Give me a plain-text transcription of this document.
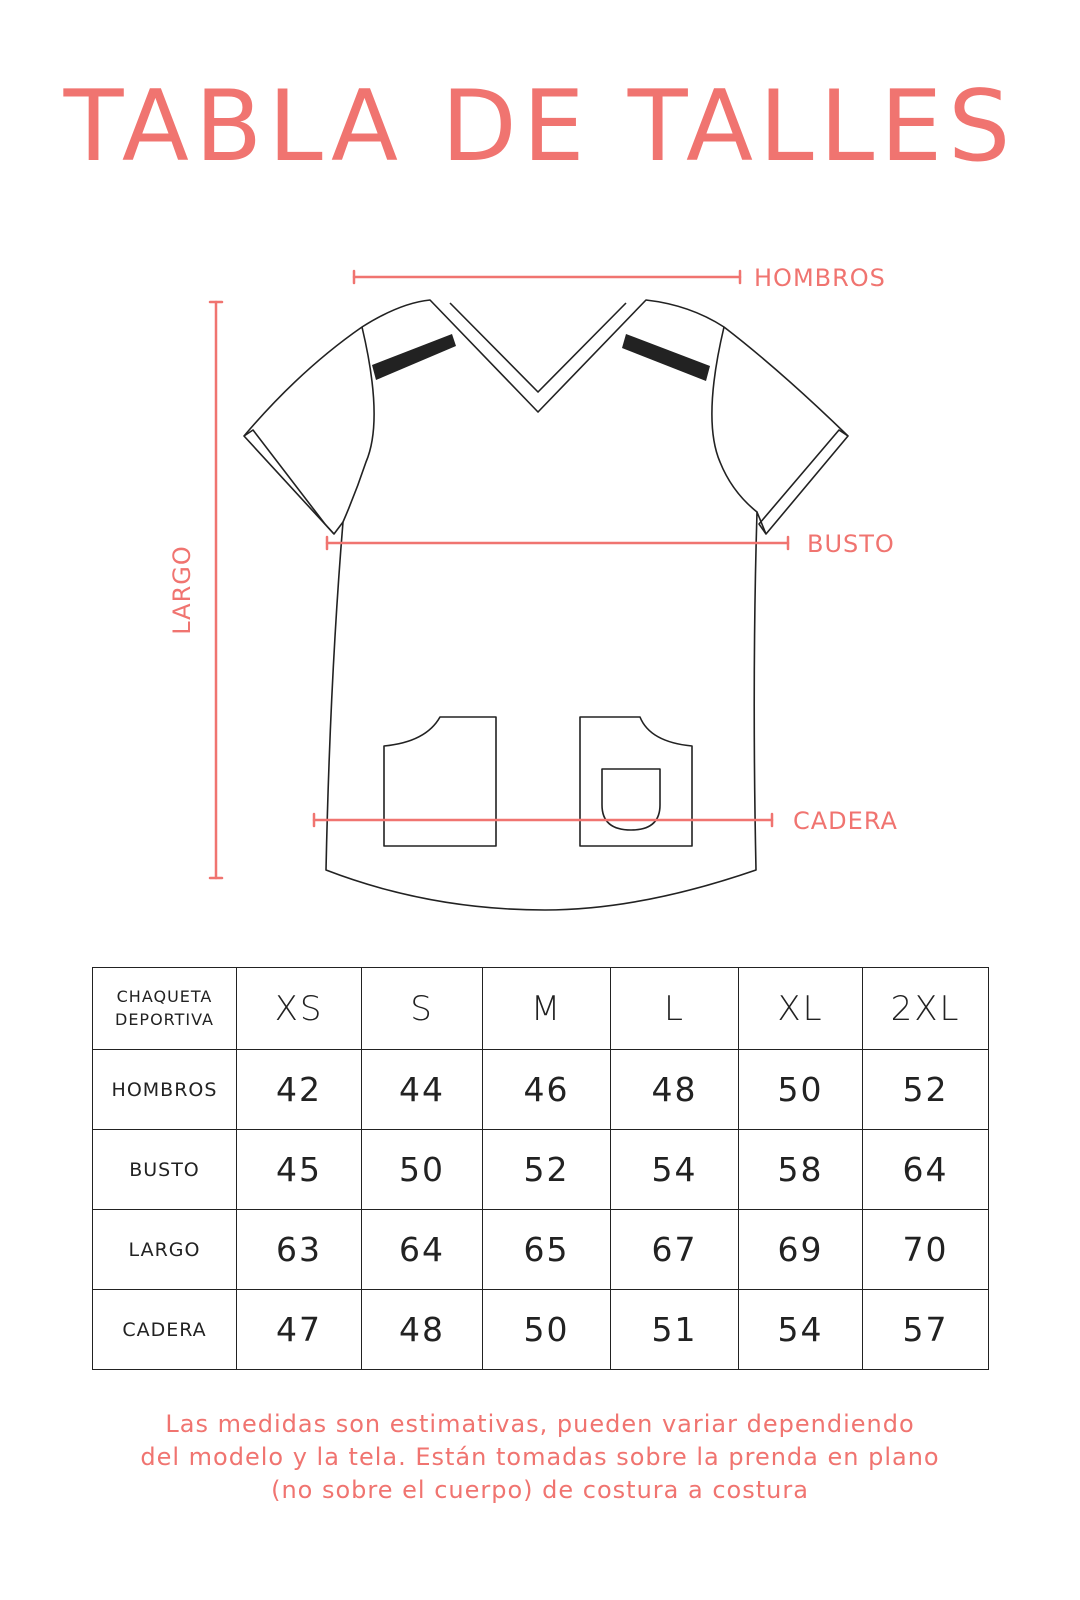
TABLA DE TALLES
HOMBROS
BUSTO
CADERA
LARGO
CHAQUETA
DEPORTIVA	XS	S	M	L	XL	2XL
HOMBROS	42	44	46	48	50	52
BUSTO	45	50	52	54	58	64
LARGO	63	64	65	67	69	70
CADERA	47	48	50	51	54	57

Las medidas son estimativas, pueden variar dependiendo
del modelo y la tela. Están tomadas sobre la prenda en plano
(no sobre el cuerpo) de costura a costura
